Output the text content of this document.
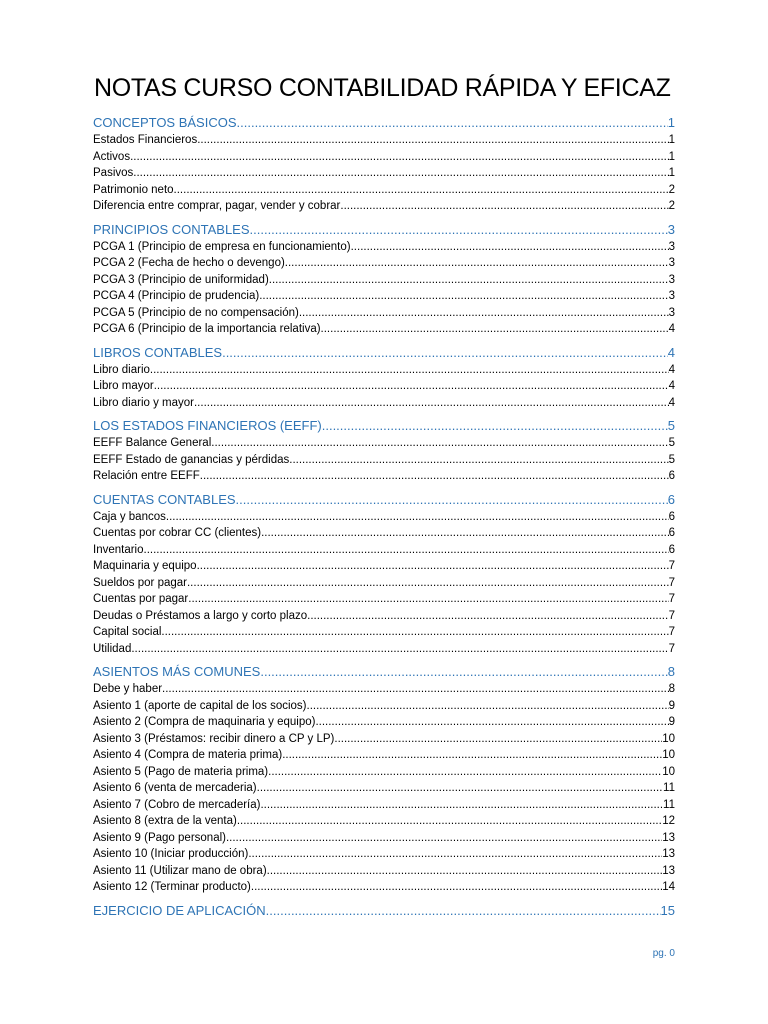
NOTAS CURSO CONTABILIDAD RÁPIDA Y EFICAZ
CONCEPTOS BÁSICOS .....	1
Estados Financieros .....	1
Activos .....	1
Pasivos .....	1
Patrimonio neto .....	2
Diferencia entre comprar, pagar, vender y cobrar .....	2
PRINCIPIOS CONTABLES .....	3
PCGA 1 (Principio de empresa en funcionamiento) .....	3
PCGA 2 (Fecha de hecho o devengo) .....	3
PCGA 3 (Principio de uniformidad) .....	3
PCGA 4 (Principio de prudencia) .....	3
PCGA 5 (Principio de no compensación) .....	3
PCGA 6 (Principio de la importancia relativa) .....	4
LIBROS CONTABLES .....	4
Libro diario .....	4
Libro mayor .....	4
Libro diario y mayor .....	4
LOS ESTADOS FINANCIEROS (EEFF) .....	5
EEFF Balance General .....	5
EEFF Estado de ganancias y pérdidas .....	5
Relación entre EEFF .....	6
CUENTAS CONTABLES .....	6
Caja y bancos .....	6
Cuentas por cobrar CC (clientes) .....	6
Inventario .....	6
Maquinaria y equipo .....	7
Sueldos por pagar .....	7
Cuentas por pagar .....	7
Deudas o Préstamos a largo y corto plazo .....	7
Capital social .....	7
Utilidad .....	7
ASIENTOS MÁS COMUNES .....	8
Debe y haber .....	8
Asiento 1 (aporte de capital de los socios) .....	9
Asiento 2 (Compra de maquinaria y equipo) .....	9
Asiento 3 (Préstamos: recibir dinero a CP y LP) .....	10
Asiento 4 (Compra de materia prima) .....	10
Asiento 5 (Pago de materia prima) .....	10
Asiento 6 (venta de mercaderia) .....	11
Asiento 7 (Cobro de mercadería) .....	11
Asiento 8 (extra de la venta) .....	12
Asiento 9 (Pago personal) .....	13
Asiento 10 (Iniciar producción) .....	13
Asiento 11 (Utilizar mano de obra) .....	13
Asiento 12 (Terminar producto) .....	14
EJERCICIO DE APLICACIÓN .....	15
pg. 0
